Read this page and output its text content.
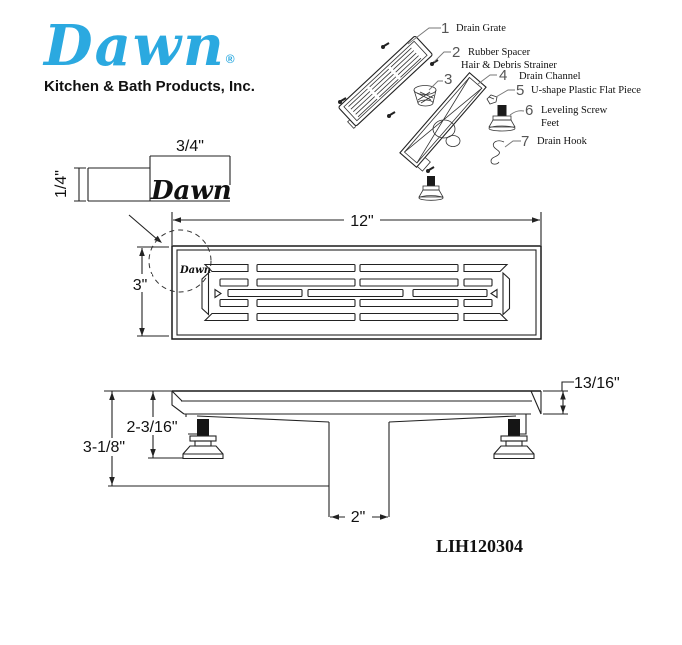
Dawn®
Kitchen & Bath Products, Inc.
LIH120304
1 Drain Grate
2 Rubber Spacer
Hair & Debris Strainer
3	4 Drain Channel
5 U-shape Plastic Flat Piece
6 Leveling Screw
Feet
7 Drain Hook
3/4"
1/4"	Dawn
Dawn
12"
3"
13/16"
2-3/16"
3-1/8"
2"
